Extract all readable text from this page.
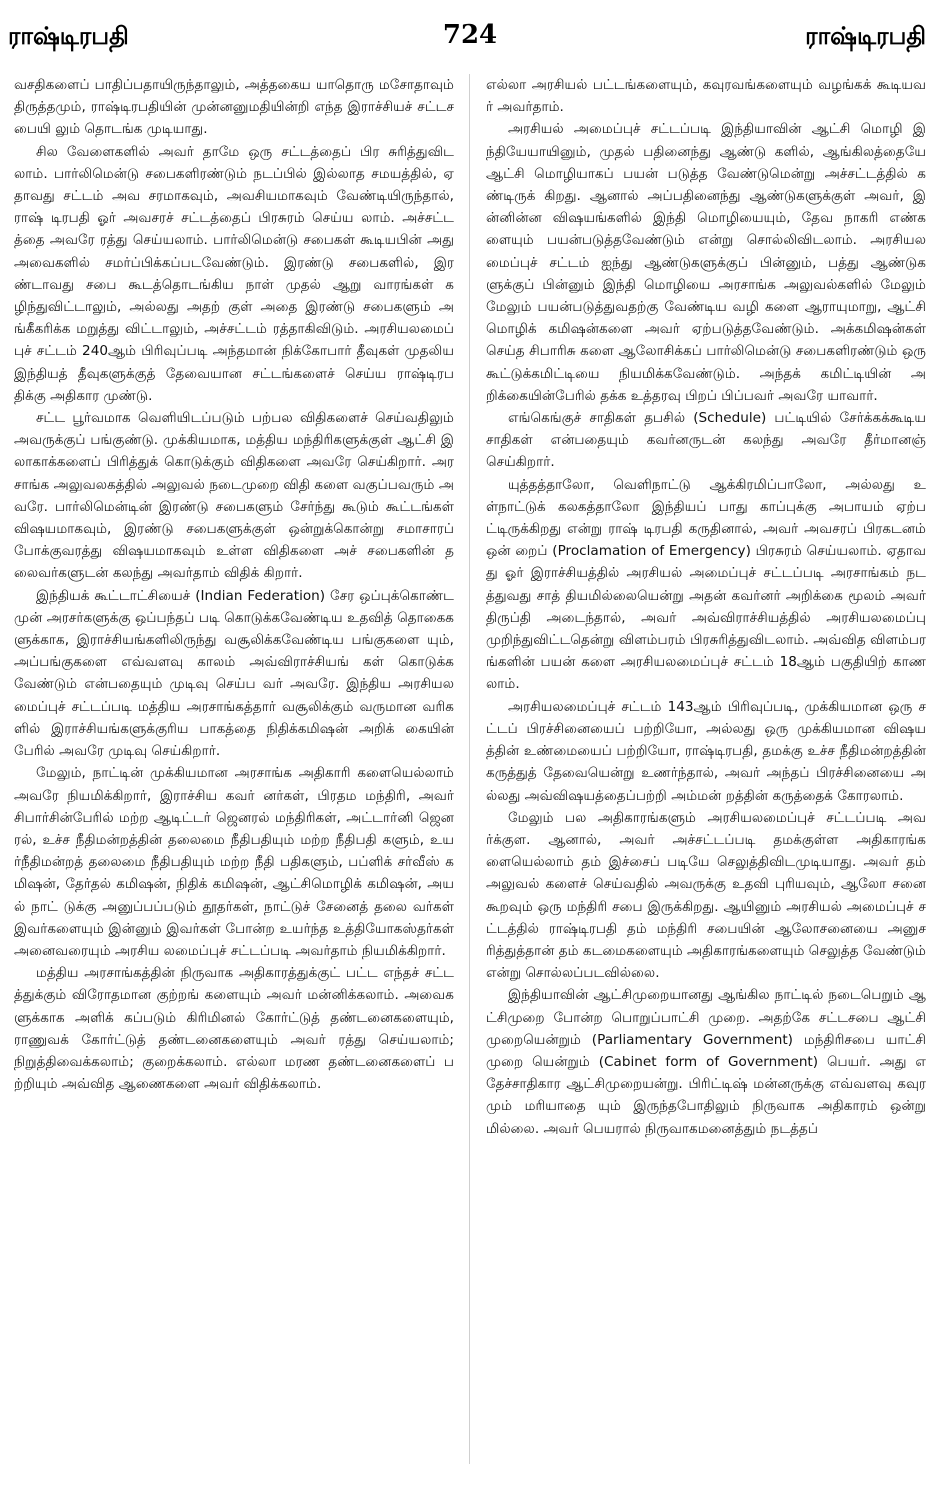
ராஷ்டிரபதி	724	ராஷ்டிரபதி

வசதிகளைப் பாதிப்பதாயிருந்தாலும், அத்தகைய யாதொரு மசோதாவும் திருத்தமும், ராஷ்டிரபதியின் முன்னனுமதியின்றி எந்த இராச்சியச் சட்டசபையி லும் தொடங்க முடியாது.

சில வேளைகளில் அவர் தாமே ஒரு சட்டத்தைப் பிர சுரித்துவிடலாம். பார்லிமென்டு சபைகளிரண்டும் நடப்பில் இல்லாத சமயத்தில், ஏதாவது சட்டம் அவ சரமாகவும், அவசியமாகவும் வேண்டியிருந்தால், ராஷ் டிரபதி ஓர் அவசரச் சட்டத்தைப் பிரசுரம் செய்ய லாம். அச்சட்டத்தை அவரே ரத்து செய்யலாம். பார்லிமென்டு சபைகள் கூடியபின் அது அவைகளில் சமர்ப்பிக்கப்படவேண்டும். இரண்டு சபைகளில், இரண்டாவது சபை கூடத்தொடங்கிய நாள் முதல் ஆறு வாரங்கள் கழிந்துவிட்டாலும், அல்லது அதற் குள் அதை இரண்டு சபைகளும் அங்கீகரிக்க மறுத்து விட்டாலும், அச்சட்டம் ரத்தாகிவிடும். அரசியலமைப் புச் சட்டம் 240ஆம் பிரிவுப்படி அந்தமான் நிக்கோபார் தீவுகள் முதலிய இந்தியத் தீவுகளுக்குத் தேவையான சட்டங்களைச் செய்ய ராஷ்டிரபதிக்கு அதிகார முண்டு.

சட்ட பூர்வமாக வெளியிடப்படும் பற்பல விதிகளைச் செய்வதிலும் அவருக்குப் பங்குண்டு. முக்கியமாக, மத்திய மந்திரிகளுக்குள் ஆட்சி இலாகாக்களைப் பிரித்துக் கொடுக்கும் விதிகளை அவரே செய்கிறார். அரசாங்க அலுவலகத்தில் அலுவல் நடைமுறை விதி களை வகுப்பவரும் அவரே. பார்லிமென்டின் இரண்டு சபைகளும் சேர்ந்து கூடும் கூட்டங்கள் விஷயமாகவும், இரண்டு சபைகளுக்குள் ஒன்றுக்கொன்று சமாசாரப் போக்குவரத்து விஷயமாகவும் உள்ள விதிகளை அச் சபைகளின் தலைவர்களுடன் கலந்து அவர்தாம் விதிக் கிறார்.

இந்தியக் கூட்டாட்சியைச் (Indian Federation) சேர ஒப்புக்கொண்ட முன் அரசர்களுக்கு ஒப்பந்தப் படி கொடுக்கவேண்டிய உதவித் தொகைகளுக்காக, இராச்சியங்களிலிருந்து வசூலிக்கவேண்டிய பங்குகளை யும், அப்பங்குகளை எவ்வளவு காலம் அவ்விராச்சியங் கள் கொடுக்க வேண்டும் என்பதையும் முடிவு செய்ப வர் அவரே. இந்திய அரசியலமைப்புச் சட்டப்படி மத்திய அரசாங்கத்தார் வசூலிக்கும் வருமான வரிகளில் இராச்சியங்களுக்குரிய பாகத்தை நிதிக்கமிஷன் அறிக் கையின் பேரில் அவரே முடிவு செய்கிறார்.

மேலும், நாட்டின் முக்கியமான அரசாங்க அதிகாரி களையெல்லாம் அவரே நியமிக்கிறார், இராச்சிய கவர் னர்கள், பிரதம மந்திரி, அவர் சிபார்சின்பேரில் மற்ற ஆடிட்டர் ஜெனரல் மந்திரிகள், அட்டார்னி ஜெனரல், உச்ச நீதிமன்றத்தின் தலைமை நீதிபதியும் மற்ற நீதிபதி களும், உயர்நீதிமன்றத் தலைமை நீதிபதியும் மற்ற நீதி பதிகளும், பப்ளிக் சர்வீஸ் கமிஷன், தேர்தல் கமிஷன், நிதிக் கமிஷன், ஆட்சிமொழிக் கமிஷன், அயல் நாட் டுக்கு அனுப்பப்படும் தூதர்கள், நாட்டுச் சேனைத் தலை வர்கள் இவர்களையும் இன்னும் இவர்கள் போன்ற உயர்ந்த உத்தியோகஸ்தர்கள் அனைவரையும் அரசிய லமைப்புச் சட்டப்படி அவர்தாம் நியமிக்கிறார்.

மத்திய அரசாங்கத்தின் நிருவாக அதிகாரத்துக்குட் பட்ட எந்தச் சட்டத்துக்கும் விரோதமான குற்றங் களையும் அவர் மன்னிக்கலாம். அவைகளுக்காக அளிக் கப்படும் கிரிமினல் கோர்ட்டுத் தண்டனைகளையும், ராணுவக் கோர்ட்டுத் தண்டனைகளையும் அவர் ரத்து செய்யலாம்; நிறுத்திவைக்கலாம்; குறைக்கலாம். எல்லா மரண தண்டனைகளைப் பற்றியும் அவ்வித ஆணைகளை அவர் விதிக்கலாம்.

எல்லா அரசியல் பட்டங்களையும், கவுரவங்களையும் வழங்கக் கூடியவர் அவர்தாம்.

அரசியல் அமைப்புச் சட்டப்படி இந்தியாவின் ஆட்சி மொழி இந்தியேயாயினும், முதல் பதினைந்து ஆண்டு களில், ஆங்கிலத்தையே ஆட்சி மொழியாகப் பயன் படுத்த வேண்டுமென்று அச்சட்டத்தில் கண்டிருக் கிறது. ஆனால் அப்பதினைந்து ஆண்டுகளுக்குள் அவர், இன்னின்ன விஷயங்களில் இந்தி மொழியையும், தேவ நாகரி எண்களையும் பயன்படுத்தவேண்டும் என்று சொல்லிவிடலாம். அரசியலமைப்புச் சட்டம் ஐந்து ஆண்டுகளுக்குப் பின்னும், பத்து ஆண்டுகளுக்குப் பின்னும் இந்தி மொழியை அரசாங்க அலுவல்களில் மேலும் மேலும் பயன்படுத்துவதற்கு வேண்டிய வழி களை ஆராயுமாறு, ஆட்சி மொழிக் கமிஷன்களை அவர் ஏற்படுத்தவேண்டும். அக்கமிஷன்கள் செய்த சிபாரிசு களை ஆலோசிக்கப் பார்லிமென்டு சபைகளிரண்டும் ஒரு கூட்டுக்கமிட்டியை நியமிக்கவேண்டும். அந்தக் கமிட்டியின் அறிக்கையின்பேரில் தக்க உத்தரவு பிறப் பிப்பவர் அவரே யாவார்.

எங்கெங்குச் சாதிகள் தபசில் (Schedule) பட்டியில் சேர்க்கக்கூடிய சாதிகள் என்பதையும் கவர்னருடன் கலந்து அவரே தீர்மானஞ் செய்கிறார்.

யுத்தத்தாலோ, வெளிநாட்டு ஆக்கிரமிப்பாலோ, அல்லது உள்நாட்டுக் கலகத்தாலோ இந்தியப் பாது காப்புக்கு அபாயம் ஏற்பட்டிருக்கிறது என்று ராஷ் டிரபதி கருதினால், அவர் அவசரப் பிரகடனம் ஒன் றைப் (Proclamation of Emergency) பிரசுரம் செய்யலாம். ஏதாவது ஓர் இராச்சியத்தில் அரசியல் அமைப்புச் சட்டப்படி அரசாங்கம் நடத்துவது சாத் தியமில்லையென்று அதன் கவர்னர் அறிக்கை மூலம் அவர் திருப்தி அடைந்தால், அவர் அவ்விராச்சியத்தில் அரசியலமைப்பு முறிந்துவிட்டதென்று விளம்பரம் பிரசுரித்துவிடலாம். அவ்வித விளம்பரங்களின் பயன் களை அரசியலமைப்புச் சட்டம் 18ஆம் பகுதியிற் காணலாம்.

அரசியலமைப்புச் சட்டம் 143ஆம் பிரிவுப்படி, முக்கியமான ஒரு சட்டப் பிரச்சினையைப் பற்றியோ, அல்லது ஒரு முக்கியமான விஷயத்தின் உண்மையைப் பற்றியோ, ராஷ்டிரபதி, தமக்கு உச்ச நீதிமன்றத்தின் கருத்துத் தேவையென்று உணர்ந்தால், அவர் அந்தப் பிரச்சினையை அல்லது அவ்விஷயத்தைப்பற்றி அம்மன் றத்தின் கருத்தைக் கோரலாம்.

மேலும் பல அதிகாரங்களும் அரசியலமைப்புச் சட்டப்படி அவர்க்குள. ஆனால், அவர் அச்சட்டப்படி தமக்குள்ள அதிகாரங்களையெல்லாம் தம் இச்சைப் படியே செலுத்திவிடமுடியாது. அவர் தம் அலுவல் களைச் செய்வதில் அவருக்கு உதவி புரியவும், ஆலோ சனை கூறவும் ஒரு மந்திரி சபை இருக்கிறது. ஆயினும் அரசியல் அமைப்புச் சட்டத்தில் ராஷ்டிரபதி தம் மந்திரி சபையின் ஆலோசனையை அனுசரித்துத்தான் தம் கடமைகளையும் அதிகாரங்களையும் செலுத்த வேண்டும் என்று சொல்லப்படவில்லை.

இந்தியாவின் ஆட்சிமுறையானது ஆங்கில நாட்டில் நடைபெறும் ஆட்சிமுறை போன்ற பொறுப்பாட்சி முறை. அதற்கே சட்டசபை ஆட்சி முறையென்றும் (Parliamentary Government) மந்திரிசபை யாட்சி முறை யென்றும் (Cabinet form of Government) பெயர். அது எதேச்சாதிகார ஆட்சிமுறையன்று. பிரிட்டிஷ் மன்னருக்கு எவ்வளவு கவுரமும் மரியாதை யும் இருந்தபோதிலும் நிருவாக அதிகாரம் ஒன்று மில்லை. அவர் பெயரால் நிருவாகமனைத்தும் நடத்தப்
